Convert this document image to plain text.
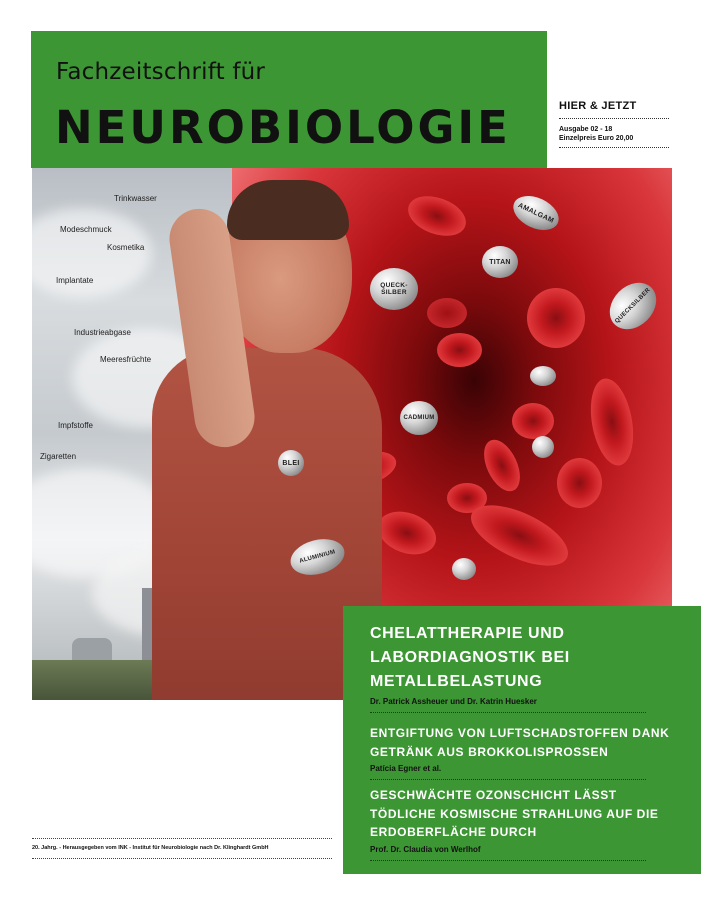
Fachzeitschrift für
NEUROBIOLOGIE	HIER & JETZT
Ausgabe 02 - 18
Einzelpreis Euro 20,00
AMALGAM
TITAN
QUECK-SILBER	QUECKSILBER
CADMIUM
BLEI
ALUMINIUM
Trinkwasser
Modeschmuck
Kosmetika
Implantate
Industrieabgase
Meeresfrüchte
Impfstoffe
Zigaretten
CHELATTHERAPIE UND LABORDIAGNOSTIK BEI METALLBELASTUNG
Dr. Patrick Assheuer und Dr. Katrin Huesker
ENTGIFTUNG VON LUFTSCHADSTOFFEN DANK GETRÄNK AUS BROKKOLISPROSSEN
Patícia Egner et al.
GESCHWÄCHTE OZONSCHICHT LÄSST TÖDLICHE KOSMISCHE STRAHLUNG AUF DIE ERDOBERFLÄCHE DURCH
Prof. Dr. Claudia von Werlhof
20. Jahrg. - Herausgegeben vom INK - Institut für Neurobiologie nach Dr. Klinghardt GmbH
